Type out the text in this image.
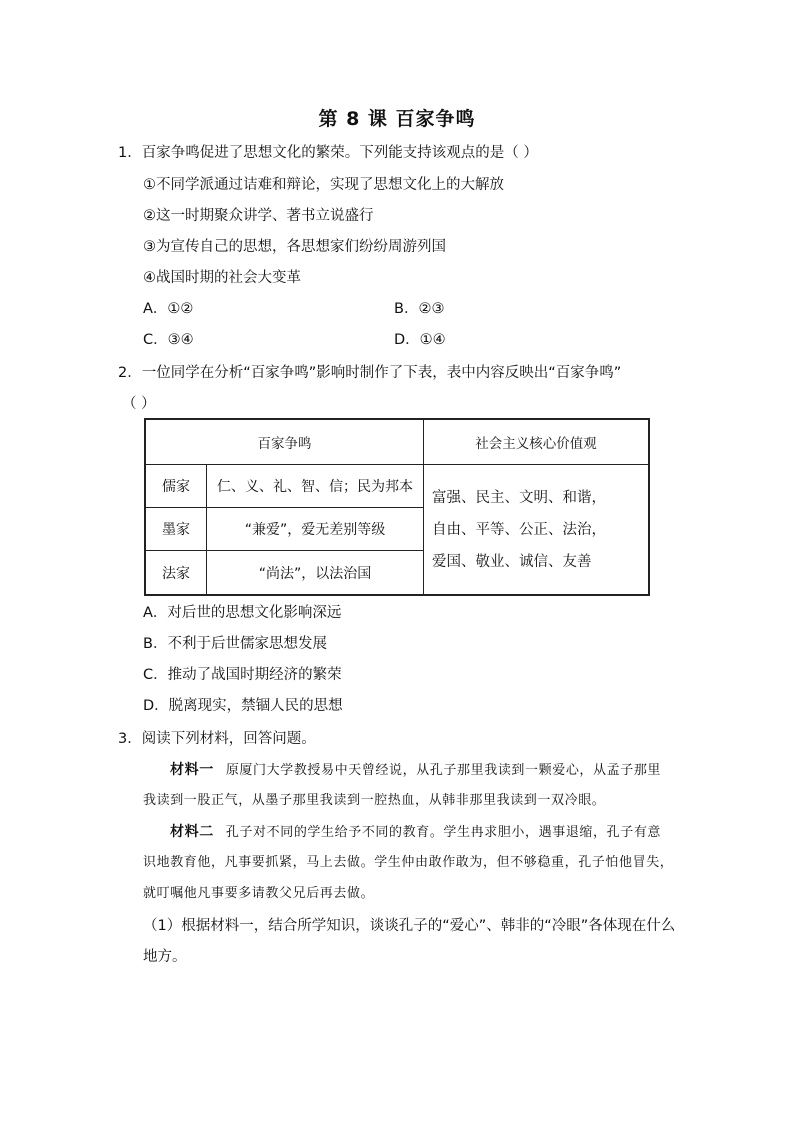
第 8 课 百家争鸣
1．百家争鸣促进了思想文化的繁荣。下列能支持该观点的是（ ）
①不同学派通过诘难和辩论，实现了思想文化上的大解放
②这一时期聚众讲学、著书立说盛行
③为宣传自己的思想，各思想家们纷纷周游列国
④战国时期的社会大变革
A．①②	B．②③
C．③④	D．①④
2．一位同学在分析“百家争鸣”影响时制作了下表，表中内容反映出“百家争鸣”
（ ）
百家争鸣		社会主义核心价值观
儒家	仁、义、礼、智、信；民为邦本	富强、民主、文明、和谐，
自由、平等、公正、法治，
爱国、敬业、诚信、友善

墨家	“兼爱”，爱无差别等级	
法家	“尚法”，以法治国	
A．对后世的思想文化影响深远
B．不利于后世儒家思想发展
C．推动了战国时期经济的繁荣
D．脱离现实，禁锢人民的思想
3．阅读下列材料，回答问题。
材料一 原厦门大学教授易中天曾经说，从孔子那里我读到一颗爱心，从孟子那里
我读到一股正气，从墨子那里我读到一腔热血，从韩非那里我读到一双冷眼。
材料二 孔子对不同的学生给予不同的教育。学生冉求胆小，遇事退缩，孔子有意
识地教育他，凡事要抓紧，马上去做。学生仲由敢作敢为，但不够稳重，孔子怕他冒失，
就叮嘱他凡事要多请教父兄后再去做。
（1）根据材料一，结合所学知识，谈谈孔子的“爱心”、韩非的“冷眼”各体现在什么
地方。
